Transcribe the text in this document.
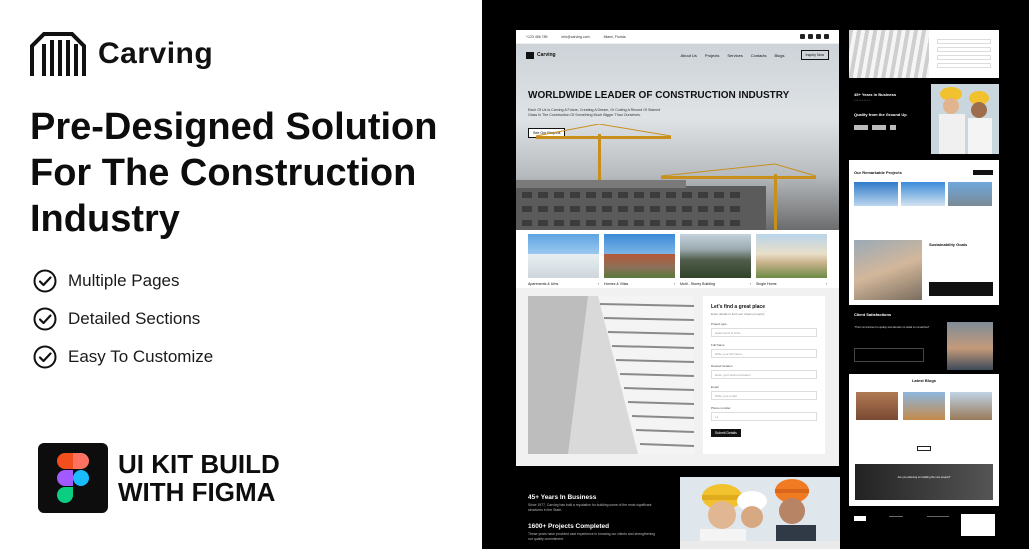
Carving
Pre-Designed Solution For The Construction Industry
Multiple Pages
Detailed Sections
Easy To Customize
UI KIT BUILD
WITH FIGMA
+123 456 789	info@carving.com	Miami, Florida
Carving	About Us Projects Services Contacts Blogs	Inquiry Now
WORLDWIDE LEADER OF CONSTRUCTION INDUSTRY
Each Of Us Is Carving A Future, Creating A Dream, Or Cutting A Record Of Stained Glass In The Construction Of Something Much Bigger Than Ourselves.
See Our Projects
Apartments & Urbs	› Homes & Villas	› Multi - Storey Building	› Single Home	›
Let's find a great place
Enter details to find your dream property
Project type
Apartments & Urbs
Full Name
Write your full name
Desired location
Enter your desired location
Email
Write your email
Phone number
+1
Submit Details
45+ Years In Business
Since 1977, Carving has built a reputation for building some of the most significant structures in the State.
1600+ Projects Completed
These years have provided vast experience in knowing our clients and strengthening our quality commitment.
45+ Years In Business
• • • • • • • • • •
Quality from the Ground Up
Our Remarkable Projects
Sustainability Goals
Client Satisfactions
“Their commitment to quality and attention to detail is unmatched”
Latest Blogs
Are you planning on building the next project?
